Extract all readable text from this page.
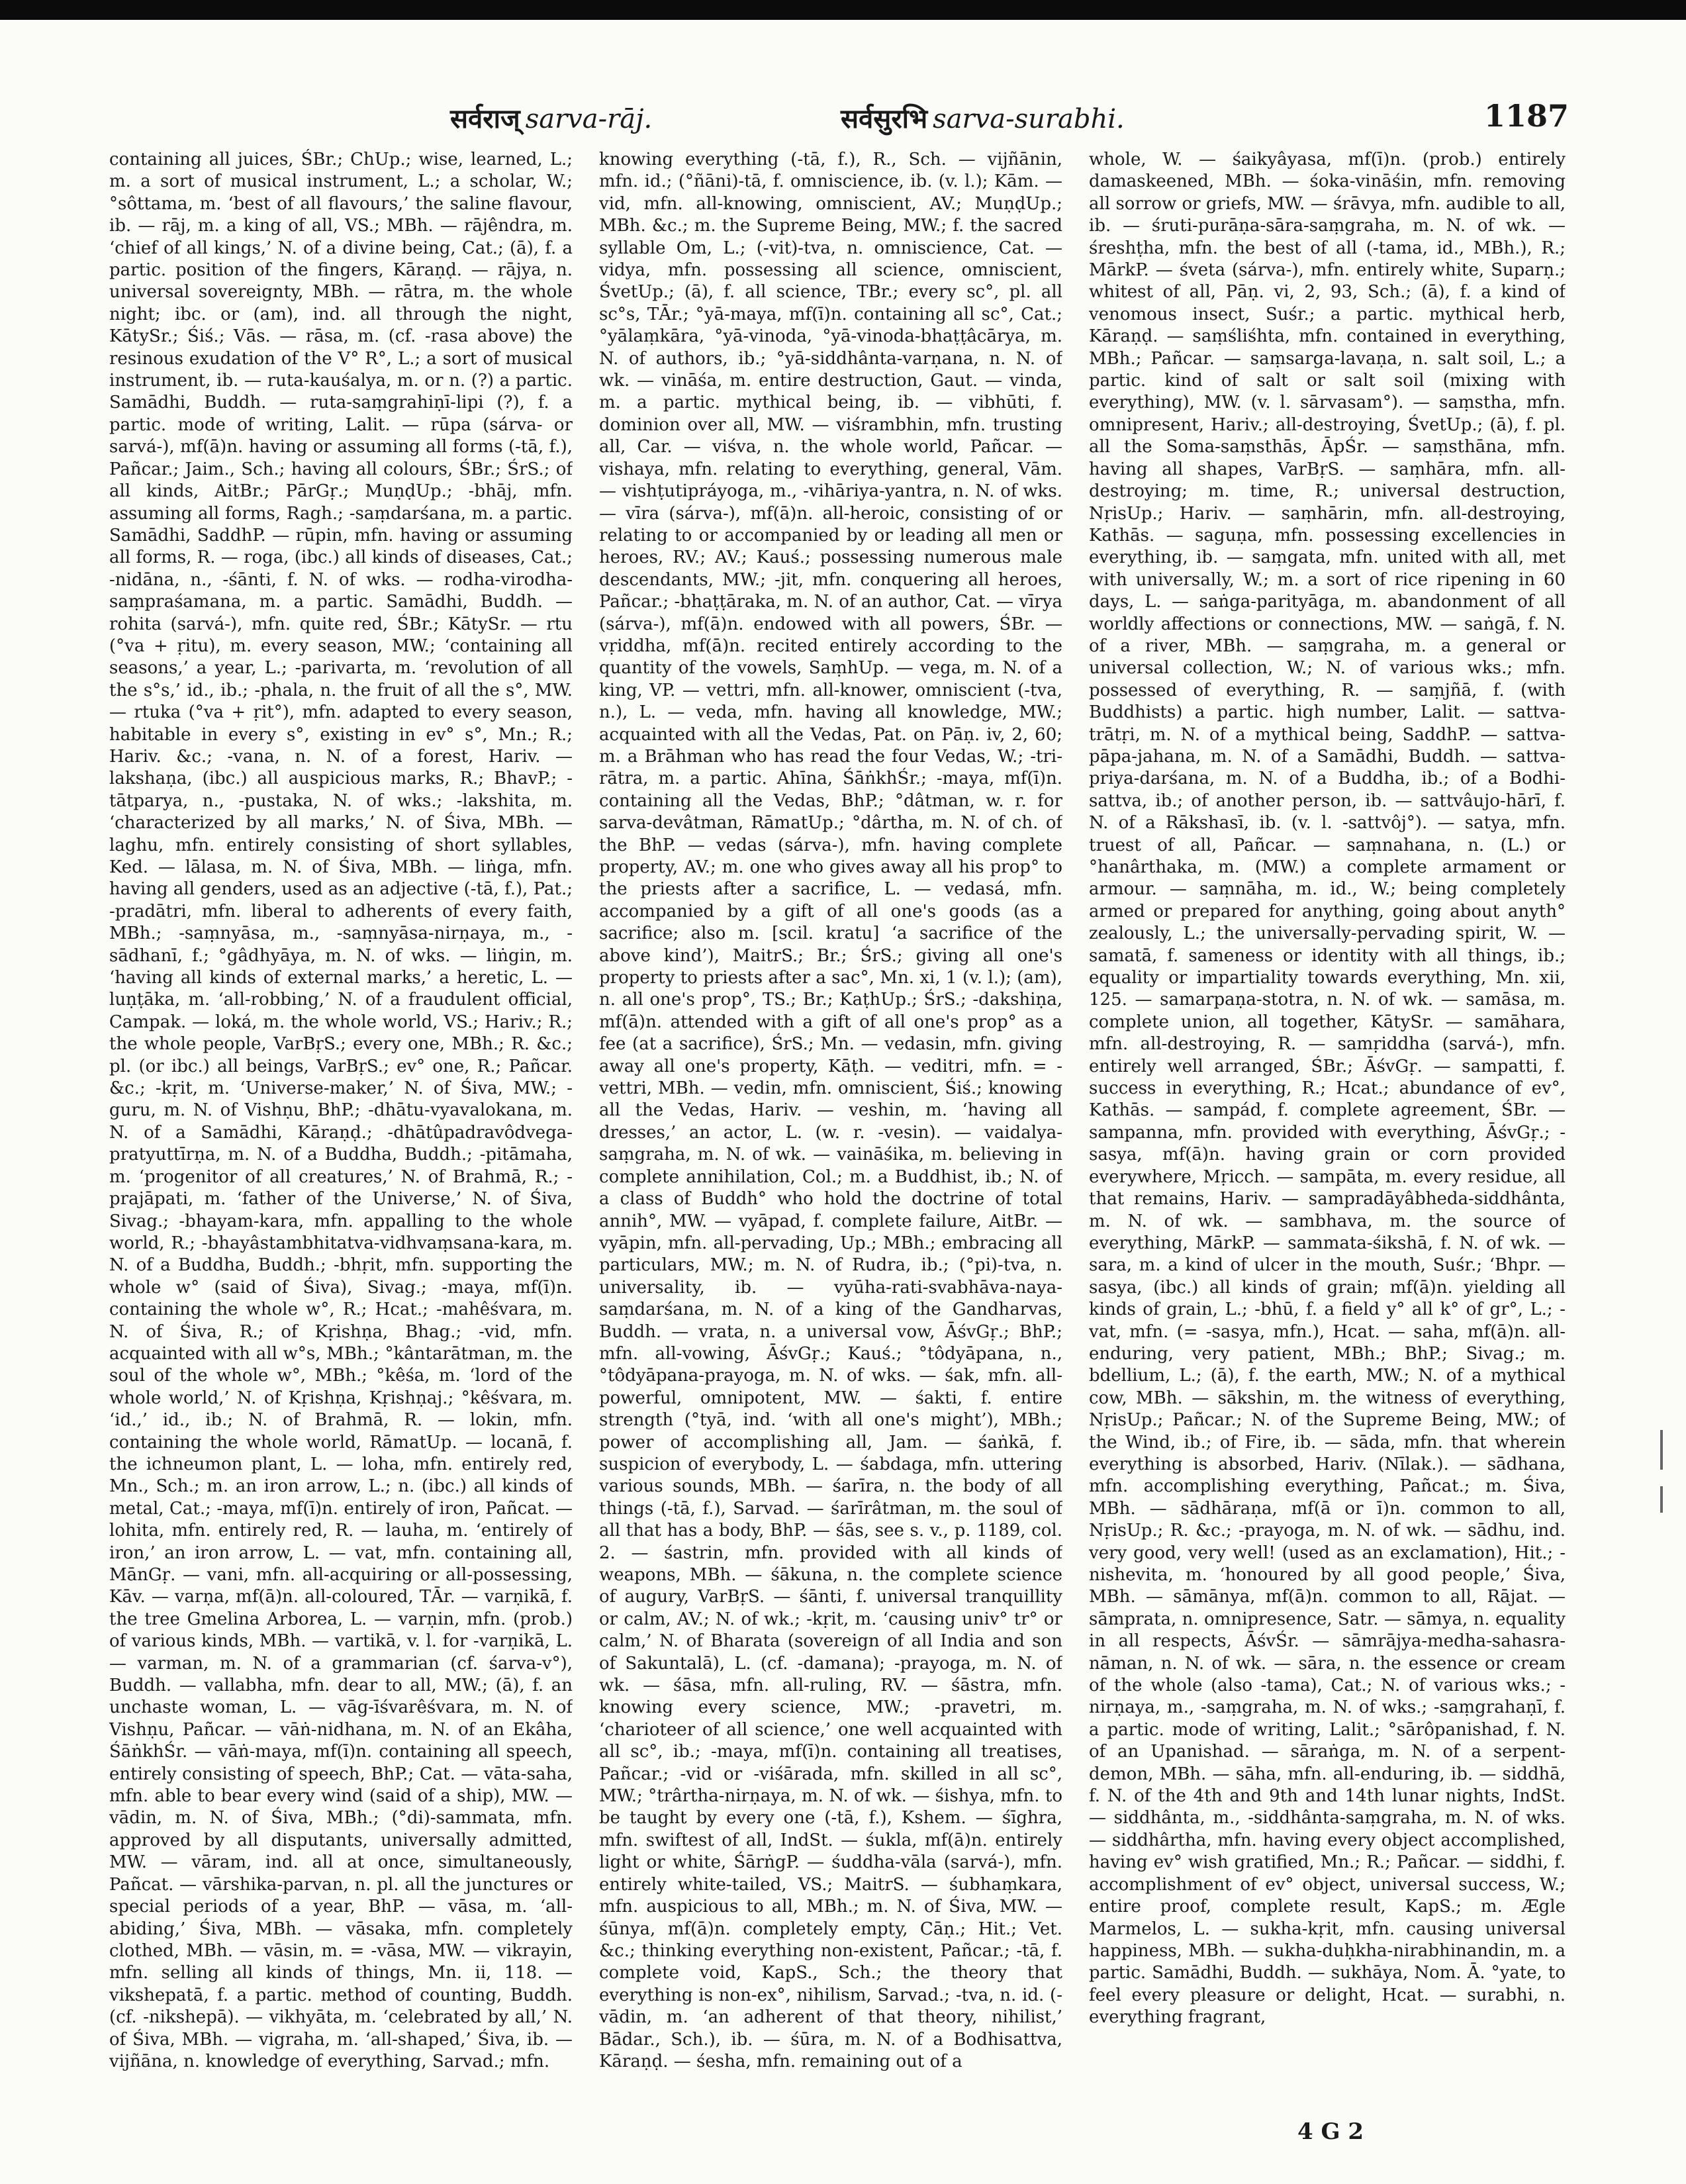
सर्वराज् sarva-rāj.	सर्वसुरभि sarva-surabhi.	1187
containing all juices, ŚBr.; ChUp.; wise, learned, L.; m. a sort of musical instrument, L.; a scholar, W.; °sôttama, m. ‘best of all flavours,’ the saline flavour, ib. — rāj, m. a king of all, VS.; MBh. — rājêndra, m. ‘chief of all kings,’ N. of a divine being, Cat.; (ā), f. a partic. position of the fingers, Kāraṇḍ. — rājya, n. universal sovereignty, MBh. — rātra, m. the whole night; ibc. or (am), ind. all through the night, KātySr.; Śiś.; Vās. — rāsa, m. (cf. -rasa above) the resinous exudation of the V° R°, L.; a sort of musical instrument, ib. — ruta-kauśalya, m. or n. (?) a partic. Samādhi, Buddh. — ruta-saṃgrahiṇī-lipi (?), f. a partic. mode of writing, Lalit. — rūpa (sárva- or sarvá-), mf(ā)n. having or assuming all forms (-tā, f.), Pañcar.; Jaim., Sch.; having all colours, ŚBr.; ŚrS.; of all kinds, AitBr.; PārGṛ.; MuṇḍUp.; -bhāj, mfn. assuming all forms, Ragh.; -saṃdarśana, m. a partic. Samādhi, SaddhP. — rūpin, mfn. having or assuming all forms, R. — roga, (ibc.) all kinds of diseases, Cat.; -nidāna, n., -śānti, f. N. of wks. — rodha-virodha-saṃpraśamana, m. a partic. Samādhi, Buddh. — rohita (sarvá-), mfn. quite red, ŚBr.; KātySr. — rtu (°va + ṛitu), m. every season, MW.; ‘containing all seasons,’ a year, L.; -parivarta, m. ‘revolution of all the s°s,’ id., ib.; -phala, n. the fruit of all the s°, MW. — rtuka (°va + ṛit°), mfn. adapted to every season, habitable in every s°, existing in ev° s°, Mn.; R.; Hariv. &c.; -vana, n. N. of a forest, Hariv. — lakshaṇa, (ibc.) all auspicious marks, R.; BhavP.; -tātparya, n., -pustaka, N. of wks.; -lakshita, m. ‘characterized by all marks,’ N. of Śiva, MBh. — laghu, mfn. entirely consisting of short syllables, Ked. — lālasa, m. N. of Śiva, MBh. — liṅga, mfn. having all genders, used as an adjective (-tā, f.), Pat.; -pradātri, mfn. liberal to adherents of every faith, MBh.; -saṃnyāsa, m., -saṃnyāsa-nirṇaya, m., -sādhanī, f.; °gâdhyāya, m. N. of wks. — liṅgin, m. ‘having all kinds of external marks,’ a heretic, L. — luṇṭāka, m. ‘all-robbing,’ N. of a fraudulent official, Campak. — loká, m. the whole world, VS.; Hariv.; R.; the whole people, VarBṛS.; every one, MBh.; R. &c.; pl. (or ibc.) all beings, VarBṛS.; ev° one, R.; Pañcar. &c.; -kṛit, m. ‘Universe-maker,’ N. of Śiva, MW.; -guru, m. N. of Vishṇu, BhP.; -dhātu-vyavalokana, m. N. of a Samādhi, Kāraṇḍ.; -dhātûpadravôdvega-pratyuttīrṇa, m. N. of a Buddha, Buddh.; -pitāmaha, m. ‘progenitor of all creatures,’ N. of Brahmā, R.; -prajāpati, m. ‘father of the Universe,’ N. of Śiva, Sivag.; -bhayam-kara, mfn. appalling to the whole world, R.; -bhayâstambhitatva-vidhvaṃsana-kara, m. N. of a Buddha, Buddh.; -bhṛit, mfn. supporting the whole w° (said of Śiva), Sivag.; -maya, mf(ī)n. containing the whole w°, R.; Hcat.; -mahêśvara, m. N. of Śiva, R.; of Kṛishṇa, Bhag.; -vid, mfn. acquainted with all w°s, MBh.; °kântarātman, m. the soul of the whole w°, MBh.; °kêśa, m. ‘lord of the whole world,’ N. of Kṛishṇa, Kṛishṇaj.; °kêśvara, m. ‘id.,’ id., ib.; N. of Brahmā, R. — lokin, mfn. containing the whole world, RāmatUp. — locanā, f. the ichneumon plant, L. — loha, mfn. entirely red, Mn., Sch.; m. an iron arrow, L.; n. (ibc.) all kinds of metal, Cat.; -maya, mf(ī)n. entirely of iron, Pañcat. — lohita, mfn. entirely red, R. — lauha, m. ‘entirely of iron,’ an iron arrow, L. — vat, mfn. containing all, MānGṛ. — vani, mfn. all-acquiring or all-possessing, Kāv. — varṇa, mf(ā)n. all-coloured, TĀr. — varṇikā, f. the tree Gmelina Arborea, L. — varṇin, mfn. (prob.) of various kinds, MBh. — vartikā, v. l. for -varṇikā, L. — varman, m. N. of a grammarian (cf. śarva-v°), Buddh. — vallabha, mfn. dear to all, MW.; (ā), f. an unchaste woman, L. — vāg-īśvarêśvara, m. N. of Vishṇu, Pañcar. — vāṅ-nidhana, m. N. of an Ekâha, ŚāṅkhŚr. — vāṅ-maya, mf(ī)n. containing all speech, entirely consisting of speech, BhP.; Cat. — vāta-saha, mfn. able to bear every wind (said of a ship), MW. — vādin, m. N. of Śiva, MBh.; (°di)-sammata, mfn. approved by all disputants, universally admitted, MW. — vāram, ind. all at once, simultaneously, Pañcat. — vārshika-parvan, n. pl. all the junctures or special periods of a year, BhP. — vāsa, m. ‘all-abiding,’ Śiva, MBh. — vāsaka, mfn. completely clothed, MBh. — vāsin, m. = -vāsa, MW. — vikrayin, mfn. selling all kinds of things, Mn. ii, 118. — vikshepatā, f. a partic. method of counting, Buddh. (cf. -nikshepā). — vikhyāta, m. ‘celebrated by all,’ N. of Śiva, MBh. — vigraha, m. ‘all-shaped,’ Śiva, ib. — vijñāna, n. knowledge of everything, Sarvad.; mfn.
knowing everything (-tā, f.), R., Sch. — vijñānin, mfn. id.; (°ñāni)-tā, f. omniscience, ib. (v. l.); Kām. — vid, mfn. all-knowing, omniscient, AV.; MuṇḍUp.; MBh. &c.; m. the Supreme Being, MW.; f. the sacred syllable Om, L.; (-vit)-tva, n. omniscience, Cat. — vidya, mfn. possessing all science, omniscient, ŚvetUp.; (ā), f. all science, TBr.; every sc°, pl. all sc°s, TĀr.; °yā-maya, mf(ī)n. containing all sc°, Cat.; °yālaṃkāra, °yā-vinoda, °yā-vinoda-bhaṭṭâcārya, m. N. of authors, ib.; °yā-siddhânta-varṇana, n. N. of wk. — vināśa, m. entire destruction, Gaut. — vinda, m. a partic. mythical being, ib. — vibhūti, f. dominion over all, MW. — viśrambhin, mfn. trusting all, Car. — viśva, n. the whole world, Pañcar. — vishaya, mfn. relating to everything, general, Vām. — vishṭutipráyoga, m., -vihāriya-yantra, n. N. of wks. — vīra (sárva-), mf(ā)n. all-heroic, consisting of or relating to or accompanied by or leading all men or heroes, RV.; AV.; Kauś.; possessing numerous male descendants, MW.; -jit, mfn. conquering all heroes, Pañcar.; -bhaṭṭāraka, m. N. of an author, Cat. — vīrya (sárva-), mf(ā)n. endowed with all powers, ŚBr. — vṛiddha, mf(ā)n. recited entirely according to the quantity of the vowels, SaṃhUp. — vega, m. N. of a king, VP. — vettri, mfn. all-knower, omniscient (-tva, n.), L. — veda, mfn. having all knowledge, MW.; acquainted with all the Vedas, Pat. on Pāṇ. iv, 2, 60; m. a Brāhman who has read the four Vedas, W.; -tri-rātra, m. a partic. Ahīna, ŚāṅkhŚr.; -maya, mf(ī)n. containing all the Vedas, BhP.; °dâtman, w. r. for sarva-devâtman, RāmatUp.; °dârtha, m. N. of ch. of the BhP. — vedas (sárva-), mfn. having complete property, AV.; m. one who gives away all his prop° to the priests after a sacrifice, L. — vedasá, mfn. accompanied by a gift of all one's goods (as a sacrifice; also m. [scil. kratu] ‘a sacrifice of the above kind’), MaitrS.; Br.; ŚrS.; giving all one's property to priests after a sac°, Mn. xi, 1 (v. l.); (am), n. all one's prop°, TS.; Br.; KaṭhUp.; ŚrS.; -dakshiṇa, mf(ā)n. attended with a gift of all one's prop° as a fee (at a sacrifice), ŚrS.; Mn. — vedasin, mfn. giving away all one's property, Kāṭh. — veditri, mfn. = -vettri, MBh. — vedin, mfn. omniscient, Śiś.; knowing all the Vedas, Hariv. — veshin, m. ‘having all dresses,’ an actor, L. (w. r. -vesin). — vaidalya-saṃgraha, m. N. of wk. — vaināśika, m. believing in complete annihilation, Col.; m. a Buddhist, ib.; N. of a class of Buddh° who hold the doctrine of total annih°, MW. — vyāpad, f. complete failure, AitBr. — vyāpin, mfn. all-pervading, Up.; MBh.; embracing all particulars, MW.; m. N. of Rudra, ib.; (°pi)-tva, n. universality, ib. — vyūha-rati-svabhāva-naya-saṃdarśana, m. N. of a king of the Gandharvas, Buddh. — vrata, n. a universal vow, ĀśvGṛ.; BhP.; mfn. all-vowing, ĀśvGṛ.; Kauś.; °tôdyāpana, n., °tôdyāpana-prayoga, m. N. of wks. — śak, mfn. all-powerful, omnipotent, MW. — śakti, f. entire strength (°tyā, ind. ‘with all one's might’), MBh.; power of accomplishing all, Jam. — śaṅkā, f. suspicion of everybody, L. — śabdaga, mfn. uttering various sounds, MBh. — śarīra, n. the body of all things (-tā, f.), Sarvad. — śarīrâtman, m. the soul of all that has a body, BhP. — śās, see s. v., p. 1189, col. 2. — śastrin, mfn. provided with all kinds of weapons, MBh. — śākuna, n. the complete science of augury, VarBṛS. — śānti, f. universal tranquillity or calm, AV.; N. of wk.; -kṛit, m. ‘causing univ° tr° or calm,’ N. of Bharata (sovereign of all India and son of Sakuntalā), L. (cf. -damana); -prayoga, m. N. of wk. — śāsa, mfn. all-ruling, RV. — śāstra, mfn. knowing every science, MW.; -pravetri, m. ‘charioteer of all science,’ one well acquainted with all sc°, ib.; -maya, mf(ī)n. containing all treatises, Pañcar.; -vid or -viśārada, mfn. skilled in all sc°, MW.; °trârtha-nirṇaya, m. N. of wk. — śishya, mfn. to be taught by every one (-tā, f.), Kshem. — śīghra, mfn. swiftest of all, IndSt. — śukla, mf(ā)n. entirely light or white, ŚārṅgP. — śuddha-vāla (sarvá-), mfn. entirely white-tailed, VS.; MaitrS. — śubhaṃkara, mfn. auspicious to all, MBh.; m. N. of Śiva, MW. — śūnya, mf(ā)n. completely empty, Cāṇ.; Hit.; Vet. &c.; thinking everything non-existent, Pañcar.; -tā, f. complete void, KapS., Sch.; the theory that everything is non-ex°, nihilism, Sarvad.; -tva, n. id. (-vādin, m. ‘an adherent of that theory, nihilist,’ Bādar., Sch.), ib. — śūra, m. N. of a Bodhisattva, Kāraṇḍ. — śesha, mfn. remaining out of a
whole, W. — śaikyâyasa, mf(ī)n. (prob.) entirely damaskeened, MBh. — śoka-vināśin, mfn. removing all sorrow or griefs, MW. — śrāvya, mfn. audible to all, ib. — śruti-purāṇa-sāra-saṃgraha, m. N. of wk. — śreshṭha, mfn. the best of all (-tama, id., MBh.), R.; MārkP. — śveta (sárva-), mfn. entirely white, Suparṇ.; whitest of all, Pāṇ. vi, 2, 93, Sch.; (ā), f. a kind of venomous insect, Suśr.; a partic. mythical herb, Kāraṇḍ. — saṃśliśhta, mfn. contained in everything, MBh.; Pañcar. — saṃsarga-lavaṇa, n. salt soil, L.; a partic. kind of salt or salt soil (mixing with everything), MW. (v. l. sārvasam°). — saṃstha, mfn. omnipresent, Hariv.; all-destroying, ŚvetUp.; (ā), f. pl. all the Soma-saṃsthās, ĀpŚr. — saṃsthāna, mfn. having all shapes, VarBṛS. — saṃhāra, mfn. all-destroying; m. time, R.; universal destruction, NṛisUp.; Hariv. — saṃhārin, mfn. all-destroying, Kathās. — saguṇa, mfn. possessing excellencies in everything, ib. — saṃgata, mfn. united with all, met with universally, W.; m. a sort of rice ripening in 60 days, L. — saṅga-parityāga, m. abandonment of all worldly affections or connections, MW. — saṅgā, f. N. of a river, MBh. — saṃgraha, m. a general or universal collection, W.; N. of various wks.; mfn. possessed of everything, R. — saṃjñā, f. (with Buddhists) a partic. high number, Lalit. — sattva-trātṛi, m. N. of a mythical being, SaddhP. — sattva-pāpa-jahana, m. N. of a Samādhi, Buddh. — sattva-priya-darśana, m. N. of a Buddha, ib.; of a Bodhi-sattva, ib.; of another person, ib. — sattvâujo-hārī, f. N. of a Rākshasī, ib. (v. l. -sattvôj°). — satya, mfn. truest of all, Pañcar. — saṃnahana, n. (L.) or °hanârthaka, m. (MW.) a complete armament or armour. — saṃnāha, m. id., W.; being completely armed or prepared for anything, going about anyth° zealously, L.; the universally-pervading spirit, W. — samatā, f. sameness or identity with all things, ib.; equality or impartiality towards everything, Mn. xii, 125. — samarpaṇa-stotra, n. N. of wk. — samāsa, m. complete union, all together, KātySr. — samāhara, mfn. all-destroying, R. — samṛiddha (sarvá-), mfn. entirely well arranged, ŚBr.; ĀśvGṛ. — sampatti, f. success in everything, R.; Hcat.; abundance of ev°, Kathās. — sampád, f. complete agreement, ŚBr. — sampanna, mfn. provided with everything, ĀśvGṛ.; -sasya, mf(ā)n. having grain or corn provided everywhere, Mṛicch. — sampāta, m. every residue, all that remains, Hariv. — sampradāyâbheda-siddhânta, m. N. of wk. — sambhava, m. the source of everything, MārkP. — sammata-śikshā, f. N. of wk. — sara, m. a kind of ulcer in the mouth, Suśr.; ‘Bhpr. — sasya, (ibc.) all kinds of grain; mf(ā)n. yielding all kinds of grain, L.; -bhū, f. a field y° all k° of gr°, L.; -vat, mfn. (= -sasya, mfn.), Hcat. — saha, mf(ā)n. all-enduring, very patient, MBh.; BhP.; Sivag.; m. bdellium, L.; (ā), f. the earth, MW.; N. of a mythical cow, MBh. — sākshin, m. the witness of everything, NṛisUp.; Pañcar.; N. of the Supreme Being, MW.; of the Wind, ib.; of Fire, ib. — sāda, mfn. that wherein everything is absorbed, Hariv. (Nīlak.). — sādhana, mfn. accomplishing everything, Pañcat.; m. Śiva, MBh. — sādhāraṇa, mf(ā or ī)n. common to all, NṛisUp.; R. &c.; -prayoga, m. N. of wk. — sādhu, ind. very good, very well! (used as an exclamation), Hit.; -nishevita, m. ‘honoured by all good people,’ Śiva, MBh. — sāmānya, mf(ā)n. common to all, Rājat. — sāmprata, n. omnipresence, Satr. — sāmya, n. equality in all respects, ĀśvŚr. — sāmrājya-medha-sahasra-nāman, n. N. of wk. — sāra, n. the essence or cream of the whole (also -tama), Cat.; N. of various wks.; -nirṇaya, m., -saṃgraha, m. N. of wks.; -saṃgrahaṇī, f. a partic. mode of writing, Lalit.; °sārôpanishad, f. N. of an Upanishad. — sāraṅga, m. N. of a serpent-demon, MBh. — sāha, mfn. all-enduring, ib. — siddhā, f. N. of the 4th and 9th and 14th lunar nights, IndSt. — siddhânta, m., -siddhânta-saṃgraha, m. N. of wks. — siddhârtha, mfn. having every object accomplished, having ev° wish gratified, Mn.; R.; Pañcar. — siddhi, f. accomplishment of ev° object, universal success, W.; entire proof, complete result, KapS.; m. Ægle Marmelos, L. — sukha-kṛit, mfn. causing universal happiness, MBh. — sukha-duḥkha-nirabhinandin, m. a partic. Samādhi, Buddh. — sukhāya, Nom. Ā. °yate, to feel every pleasure or delight, Hcat. — surabhi, n. everything fragrant,
4 G 2
